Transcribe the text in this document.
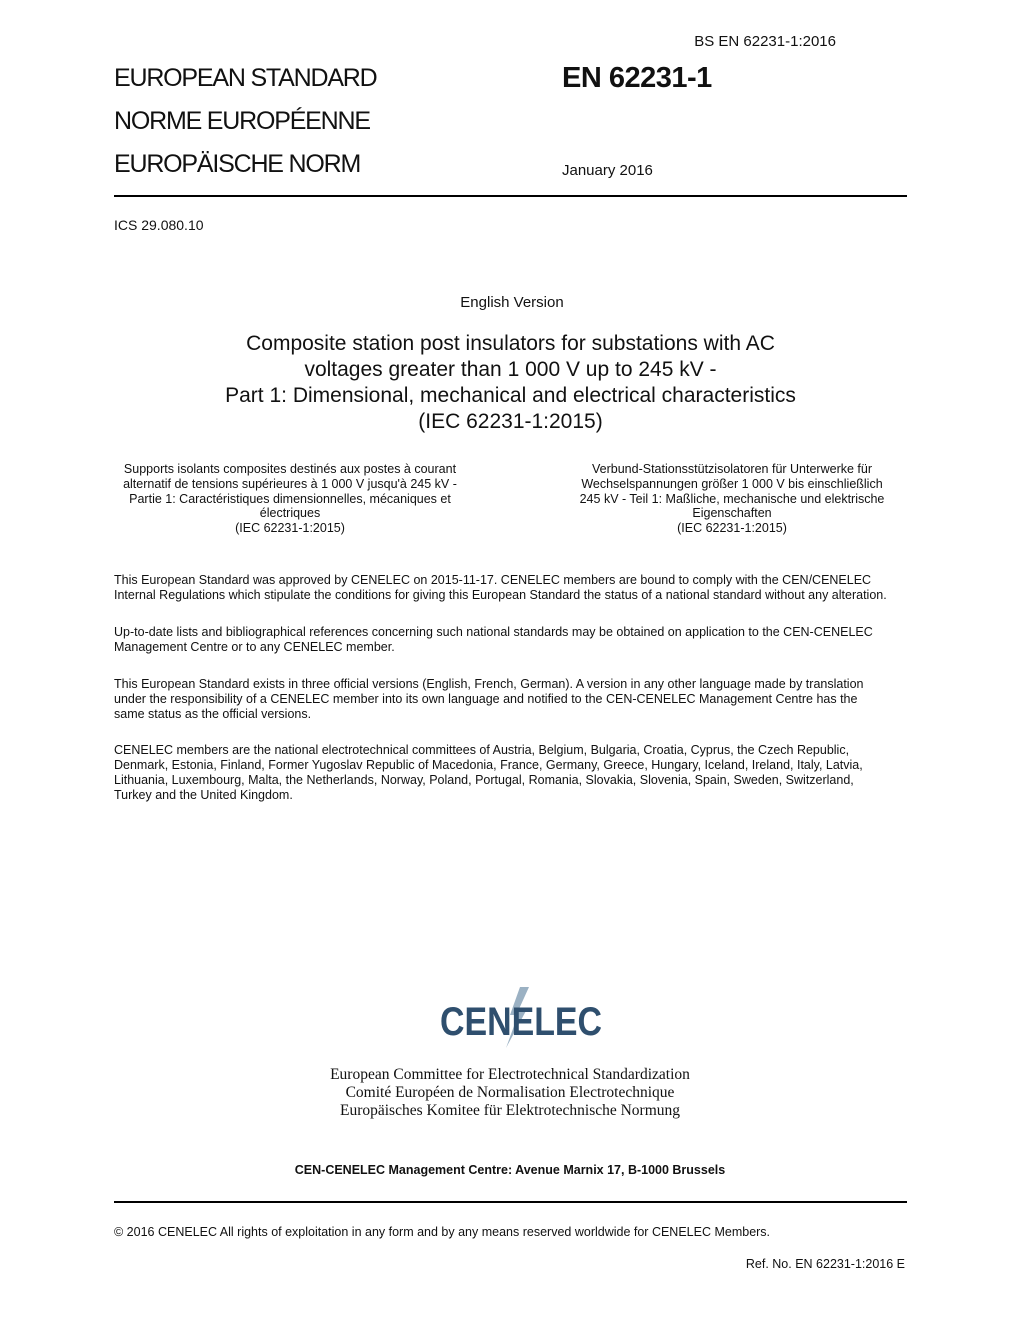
BS EN 62231-1:2016
EUROPEAN STANDARD
NORME EUROPÉENNE
EUROPÄISCHE NORM
EN 62231-1
January 2016
ICS 29.080.10
English Version
Composite station post insulators for substations with AC
voltages greater than 1 000 V up to 245 kV -
Part 1: Dimensional, mechanical and electrical characteristics
(IEC 62231-1:2015)
Supports isolants composites destinés aux postes à courant
alternatif de tensions supérieures à 1 000 V jusqu'à 245 kV -
Partie 1: Caractéristiques dimensionnelles, mécaniques et
électriques
(IEC 62231-1:2015)
Verbund-Stationsstützisolatoren für Unterwerke für
Wechselspannungen größer 1 000 V bis einschließlich
245 kV - Teil 1: Maßliche, mechanische und elektrische
Eigenschaften
(IEC 62231-1:2015)
This European Standard was approved by CENELEC on 2015-11-17. CENELEC members are bound to comply with the CEN/CENELEC
Internal Regulations which stipulate the conditions for giving this European Standard the status of a national standard without any alteration.
Up-to-date lists and bibliographical references concerning such national standards may be obtained on application to the CEN-CENELEC
Management Centre or to any CENELEC member.
This European Standard exists in three official versions (English, French, German). A version in any other language made by translation
under the responsibility of a CENELEC member into its own language and notified to the CEN-CENELEC Management Centre has the
same status as the official versions.
CENELEC members are the national electrotechnical committees of Austria, Belgium, Bulgaria, Croatia, Cyprus, the Czech Republic,
Denmark, Estonia, Finland, Former Yugoslav Republic of Macedonia, France, Germany, Greece, Hungary, Iceland, Ireland, Italy, Latvia,
Lithuania, Luxembourg, Malta, the Netherlands, Norway, Poland, Portugal, Romania, Slovakia, Slovenia, Spain, Sweden, Switzerland,
Turkey and the United Kingdom.
CENELEC
European Committee for Electrotechnical Standardization
Comité Européen de Normalisation Electrotechnique
Europäisches Komitee für Elektrotechnische Normung
CEN-CENELEC Management Centre: Avenue Marnix 17, B-1000 Brussels
© 2016 CENELEC All rights of exploitation in any form and by any means reserved worldwide for CENELEC Members.
Ref. No. EN 62231-1:2016 E
